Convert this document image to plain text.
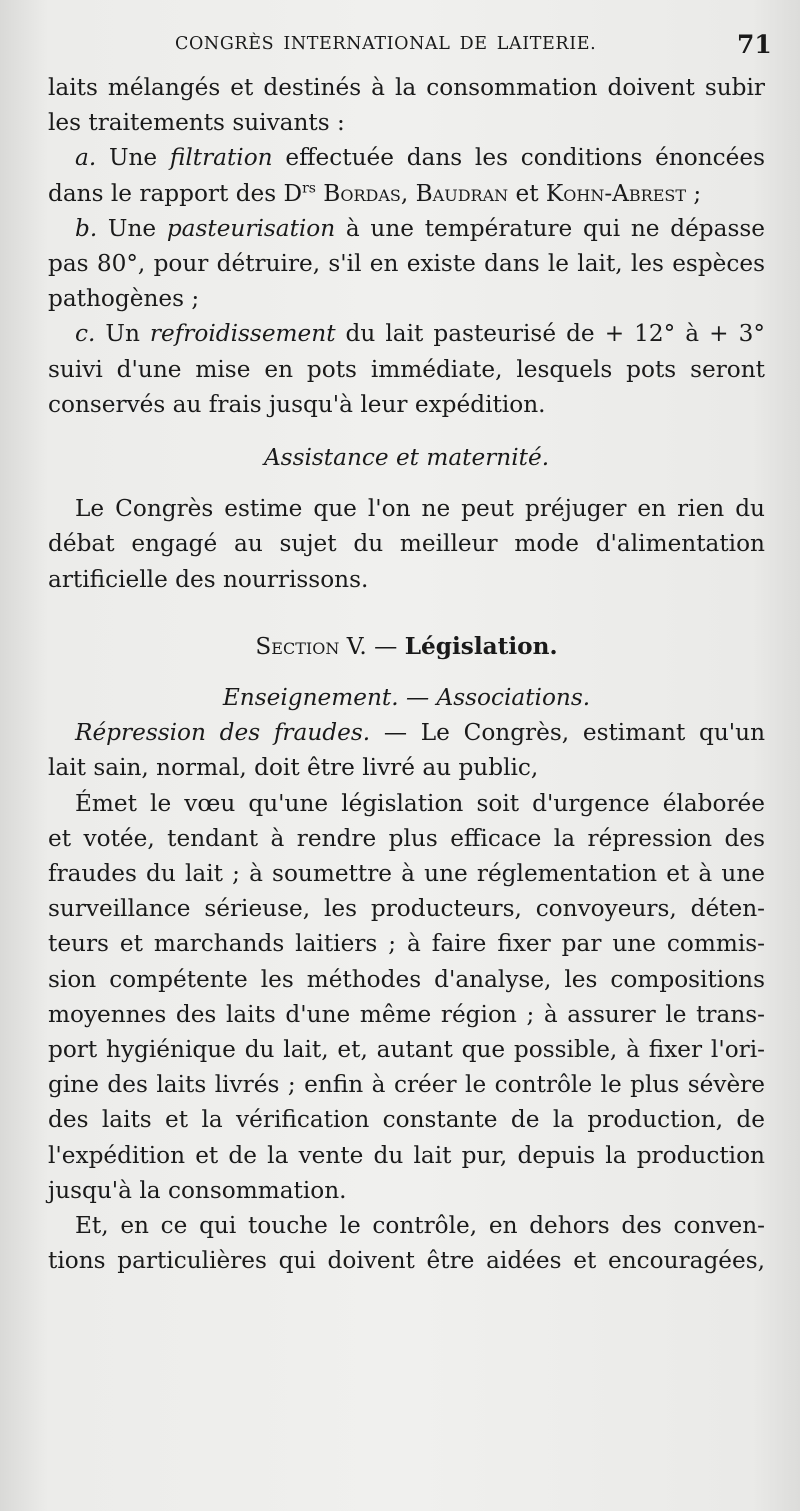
CONGRÈS INTERNATIONAL DE LAITERIE.	71
laits mélangés et destinés à la consommation doivent subir
les traitements suivants :
a. Une filtration effectuée dans les conditions énoncées
dans le rapport des $D^{rs}$ Bordas, Baudran et Kohn-Abrest ;
b. Une pasteurisation à une température qui ne dépasse
pas 80°, pour détruire, s'il en existe dans le lait, les espèces
pathogènes ;
c. Un refroidissement du lait pasteurisé de + 12° à + 3°
suivi d'une mise en pots immédiate, lesquels pots seront
conservés au frais jusqu'à leur expédition.
Assistance et maternité.
Le Congrès estime que l'on ne peut préjuger en rien du
débat engagé au sujet du meilleur mode d'alimentation
artificielle des nourrissons.
Section V. — Législation.
Enseignement. — Associations.
Répression des fraudes. — Le Congrès, estimant qu'un
lait sain, normal, doit être livré au public,
Émet le vœu qu'une législation soit d'urgence élaborée
et votée, tendant à rendre plus efficace la répression des
fraudes du lait ; à soumettre à une réglementation et à une
surveillance sérieuse, les producteurs, convoyeurs, déten-
teurs et marchands laitiers ; à faire fixer par une commis-
sion compétente les méthodes d'analyse, les compositions
moyennes des laits d'une même région ; à assurer le trans-
port hygiénique du lait, et, autant que possible, à fixer l'ori-
gine des laits livrés ; enfin à créer le contrôle le plus sévère
des laits et la vérification constante de la production, de
l'expédition et de la vente du lait pur, depuis la production
jusqu'à la consommation.
Et, en ce qui touche le contrôle, en dehors des conven-
tions particulières qui doivent être aidées et encouragées,
